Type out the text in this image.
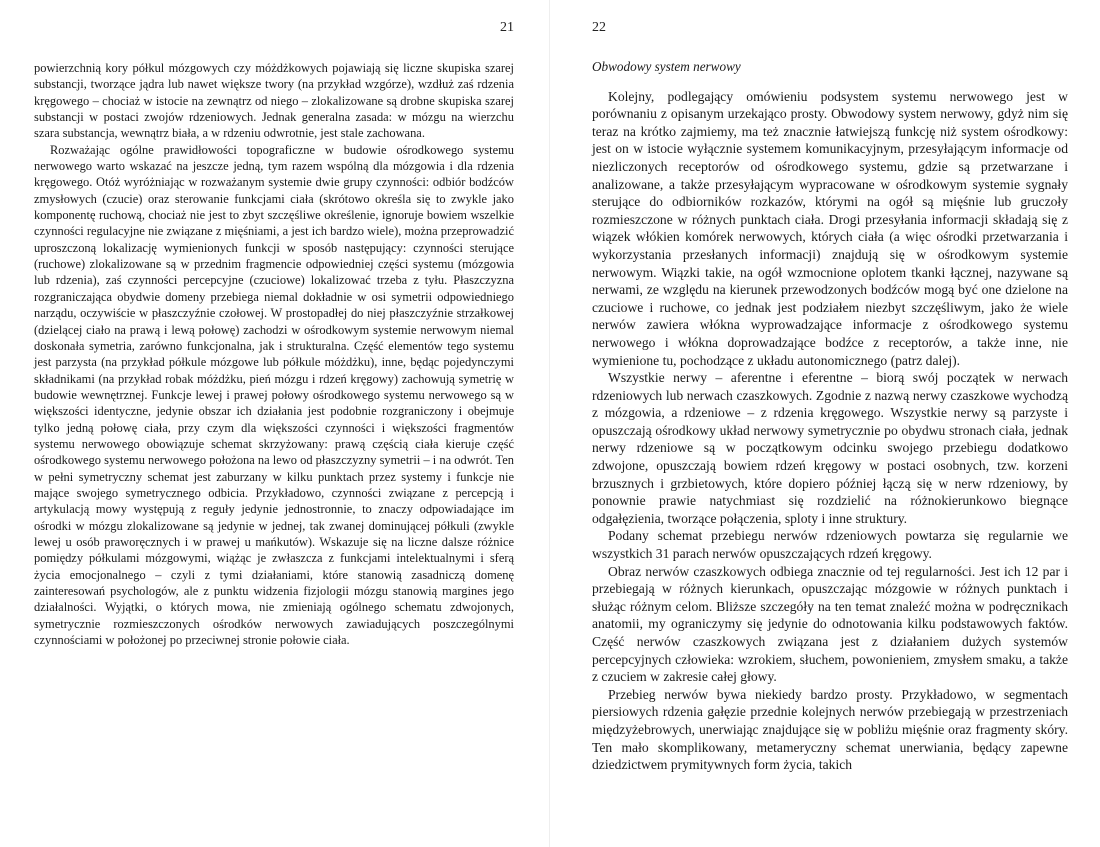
21	22

powierzchnią kory półkul mózgowych czy móżdżkowych pojawiają się liczne skupiska szarej substancji, tworzące jądra lub nawet większe twory (na przykład wzgórze), wzdłuż zaś rdzenia kręgowego – chociaż w istocie na zewnątrz od niego – zlokalizowane są drobne skupiska szarej substancji w postaci zwojów rdzeniowych. Jednak generalna zasada: w mózgu na wierzchu szara substancja, wewnątrz biała, a w rdzeniu odwrotnie, jest stale zachowana.

Rozważając ogólne prawidłowości topograficzne w budowie ośrodkowego systemu nerwowego warto wskazać na jeszcze jedną, tym razem wspólną dla mózgowia i dla rdzenia kręgowego. Otóż wyróżniając w rozważanym systemie dwie grupy czynności: odbiór bodźców zmysłowych (czucie) oraz sterowanie funkcjami ciała (skrótowo określa się to zwykle jako komponentę ruchową, chociaż nie jest to zbyt szczęśliwe określenie, ignoruje bowiem wszelkie czynności regulacyjne nie związane z mięśniami, a jest ich bardzo wiele), można przeprowadzić uproszczoną lokalizację wymienionych funkcji w sposób następujący: czynności sterujące (ruchowe) zlokalizowane są w przednim fragmencie odpowiedniej części systemu (mózgowia lub rdzenia), zaś czynności percepcyjne (czuciowe) lokalizować trzeba z tyłu. Płaszczyzna rozgraniczająca obydwie domeny przebiega niemal dokładnie w osi symetrii odpowiedniego narządu, oczywiście w płaszczyźnie czołowej. W prostopadłej do niej płaszczyźnie strzałkowej (dzielącej ciało na prawą i lewą połowę) zachodzi w ośrodkowym systemie nerwowym niemal doskonała symetria, zarówno funkcjonalna, jak i strukturalna. Część elementów tego systemu jest parzysta (na przykład półkule mózgowe lub półkule móżdżku), inne, będąc pojedynczymi składnikami (na przykład robak móżdżku, pień mózgu i rdzeń kręgowy) zachowują symetrię w budowie wewnętrznej. Funkcje lewej i prawej połowy ośrodkowego systemu nerwowego są w większości identyczne, jedynie obszar ich działania jest podobnie rozgraniczony i obejmuje tylko jedną połowę ciała, przy czym dla większości czynności i większości fragmentów systemu nerwowego obowiązuje schemat skrzyżowany: prawą częścią ciała kieruje część ośrodkowego systemu nerwowego położona na lewo od płaszczyzny symetrii – i na odwrót. Ten w pełni symetryczny schemat jest zaburzany w kilku punktach przez systemy i funkcje nie mające swojego symetrycznego odbicia. Przykładowo, czynności związane z percepcją i artykulacją mowy występują z reguły jedynie jednostronnie, to znaczy odpowiadające im ośrodki w mózgu zlokalizowane są jedynie w jednej, tak zwanej dominującej półkuli (zwykle lewej u osób praworęcznych i w prawej u mańkutów). Wskazuje się na liczne dalsze różnice pomiędzy półkulami mózgowymi, wiążąc je zwłaszcza z funkcjami intelektualnymi i sferą życia emocjonalnego – czyli z tymi działaniami, które stanowią zasadniczą domenę zainteresowań psychologów, ale z punktu widzenia fizjologii mózgu stanowią margines jego działalności. Wyjątki, o których mowa, nie zmieniają ogólnego schematu zdwojonych, symetrycznie rozmieszczonych ośrodków nerwowych zawiadujących poszczególnymi czynnościami w położonej po przeciwnej stronie połowie ciała.

Obwodowy system nerwowy

Kolejny, podlegający omówieniu podsystem systemu nerwowego jest w porównaniu z opisanym urzekająco prosty. Obwodowy system nerwowy, gdyż nim się teraz na krótko zajmiemy, ma też znacznie łatwiejszą funkcję niż system ośrodkowy: jest on w istocie wyłącznie systemem komunikacyjnym, przesyłającym informacje od niezliczonych receptorów od ośrodkowego systemu, gdzie są przetwarzane i analizowane, a także przesyłającym wypracowane w ośrodkowym systemie sygnały sterujące do odbiorników rozkazów, którymi na ogół są mięśnie lub gruczoły rozmieszczone w różnych punktach ciała. Drogi przesyłania informacji składają się z wiązek włókien komórek nerwowych, których ciała (a więc ośrodki przetwarzania i wykorzystania przesłanych informacji) znajdują się w ośrodkowym systemie nerwowym. Wiązki takie, na ogół wzmocnione oplotem tkanki łącznej, nazywane są nerwami, ze względu na kierunek przewodzonych bodźców mogą być one dzielone na czuciowe i ruchowe, co jednak jest podziałem niezbyt szczęśliwym, jako że wiele nerwów zawiera włókna wyprowadzające informacje z ośrodkowego systemu nerwowego i włókna doprowadzające bodźce z receptorów, a także inne, nie wymienione tu, pochodzące z układu autonomicznego (patrz dalej).

Wszystkie nerwy – aferentne i eferentne – biorą swój początek w nerwach rdzeniowych lub nerwach czaszkowych. Zgodnie z nazwą nerwy czaszkowe wychodzą z mózgowia, a rdzeniowe – z rdzenia kręgowego. Wszystkie nerwy są parzyste i opuszczają ośrodkowy układ nerwowy symetrycznie po obydwu stronach ciała, jednak nerwy rdzeniowe są w początkowym odcinku swojego przebiegu dodatkowo zdwojone, opuszczają bowiem rdzeń kręgowy w postaci osobnych, tzw. korzeni brzusznych i grzbietowych, które dopiero później łączą się w nerw rdzeniowy, by ponownie prawie natychmiast się rozdzielić na różnokierunkowo biegnące odgałęzienia, tworzące połączenia, sploty i inne struktury.

Podany schemat przebiegu nerwów rdzeniowych powtarza się regularnie we wszystkich 31 parach nerwów opuszczających rdzeń kręgowy.

Obraz nerwów czaszkowych odbiega znacznie od tej regularności. Jest ich 12 par i przebiegają w różnych kierunkach, opuszczając mózgowie w różnych punktach i służąc różnym celom. Bliższe szczegóły na ten temat znaleźć można w podręcznikach anatomii, my ograniczymy się jedynie do odnotowania kilku podstawowych faktów. Część nerwów czaszkowych związana jest z działaniem dużych systemów percepcyjnych człowieka: wzrokiem, słuchem, powonieniem, zmysłem smaku, a także z czuciem w zakresie całej głowy.

Przebieg nerwów bywa niekiedy bardzo prosty. Przykładowo, w segmentach piersiowych rdzenia gałęzie przednie kolejnych nerwów przebiegają w przestrzeniach międzyżebrowych, unerwiając znajdujące się w pobliżu mięśnie oraz fragmenty skóry. Ten mało skomplikowany, metameryczny schemat unerwiania, będący zapewne dziedzictwem prymitywnych form życia, takich
